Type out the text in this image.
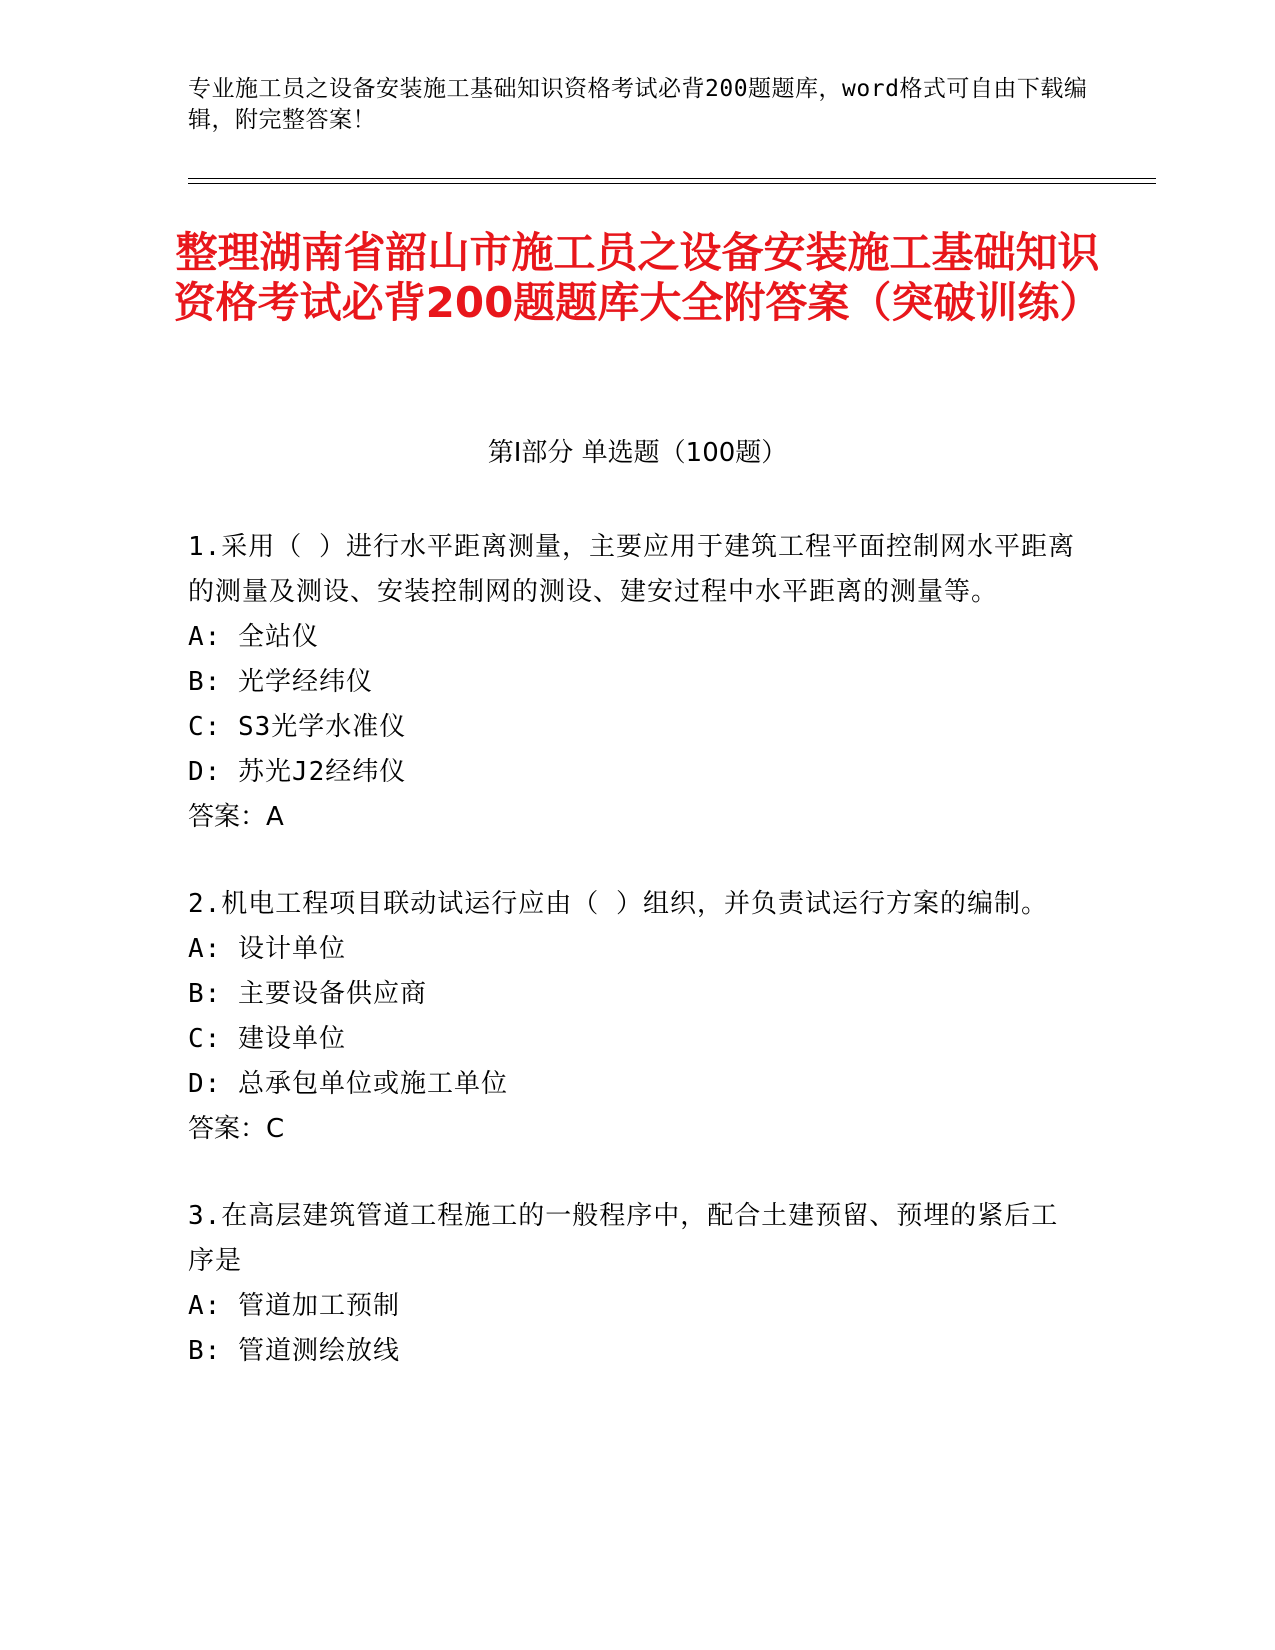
专业施工员之设备安装施工基础知识资格考试必背200题题库，word格式可自由下载编辑，附完整答案！
整理湖南省韶山市施工员之设备安装施工基础知识资格考试必背200题题库大全附答案（突破训练）
第Ⅰ部分 单选题（100题）
1.采用（ ）进行水平距离测量，主要应用于建筑工程平面控制网水平距离的测量及测设、安装控制网的测设、建安过程中水平距离的测量等。
A: 全站仪
B: 光学经纬仪
C: S3光学水准仪
D: 苏光J2经纬仪
答案：A
2.机电工程项目联动试运行应由（ ）组织，并负责试运行方案的编制。
A: 设计单位
B: 主要设备供应商
C: 建设单位
D: 总承包单位或施工单位
答案：C
3.在高层建筑管道工程施工的一般程序中，配合土建预留、预埋的紧后工序是
A: 管道加工预制
B: 管道测绘放线
